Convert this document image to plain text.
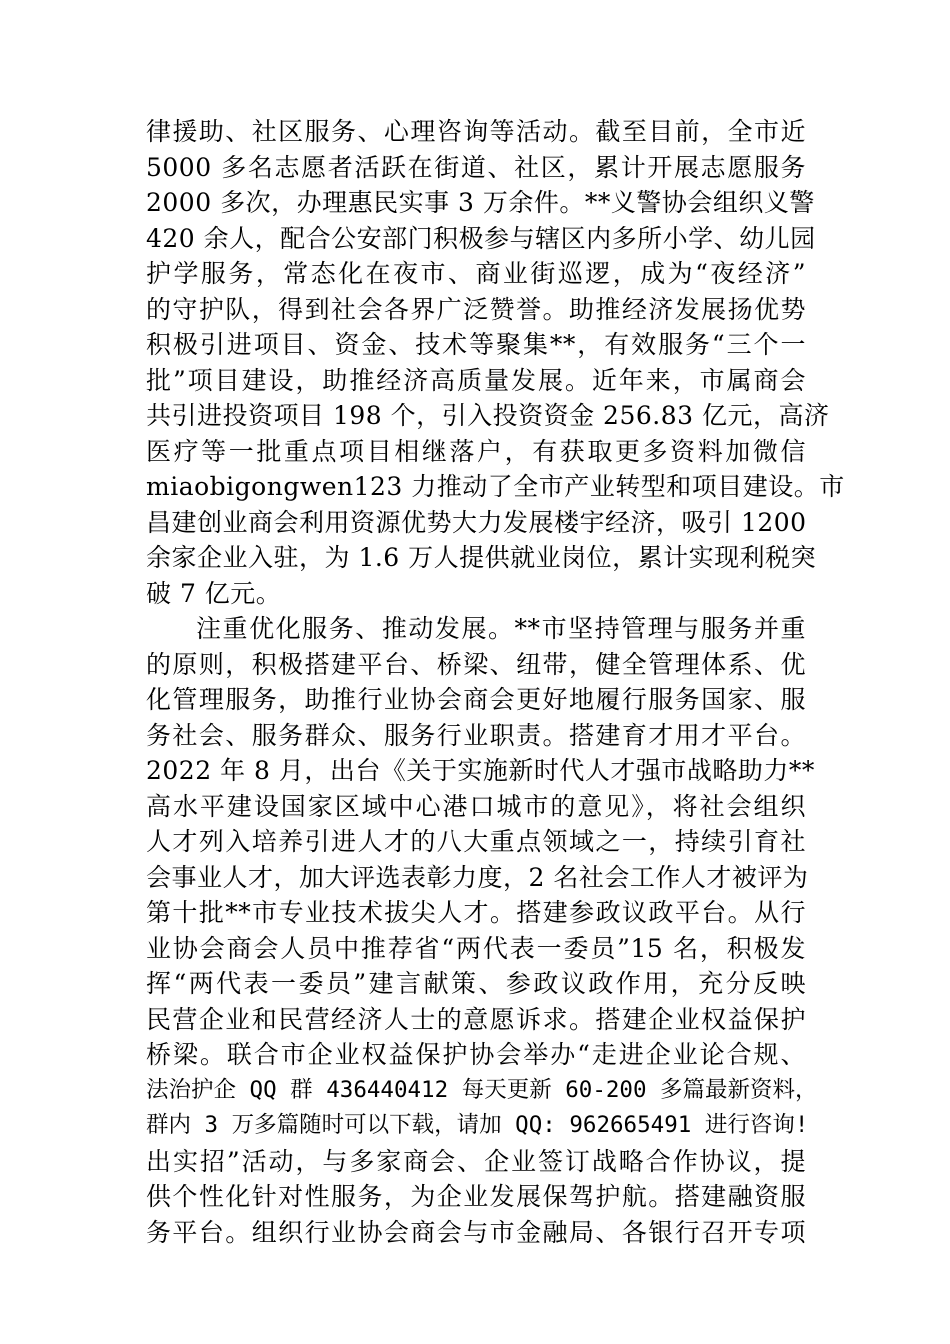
律援助、社区服务、心理咨询等活动。截至目前，全市近
5000 多名志愿者活跃在街道、社区，累计开展志愿服务
2000 多次，办理惠民实事 3 万余件。**义警协会组织义警
420 余人，配合公安部门积极参与辖区内多所小学、幼儿园
护学服务，常态化在夜市、商业街巡逻，成为“夜经济”
的守护队，得到社会各界广泛赞誉。助推经济发展扬优势
积极引进项目、资金、技术等聚集**，有效服务“三个一
批”项目建设，助推经济高质量发展。近年来，市属商会
共引进投资项目 198 个，引入投资资金 256.83 亿元，高济
医疗等一批重点项目相继落户，有获取更多资料加微信
miaobigongwen123 力推动了全市产业转型和项目建设。市
昌建创业商会利用资源优势大力发展楼宇经济，吸引 1200
余家企业入驻，为 1.6 万人提供就业岗位，累计实现利税突
破 7 亿元。
注重优化服务、推动发展。**市坚持管理与服务并重
的原则，积极搭建平台、桥梁、纽带，健全管理体系、优
化管理服务，助推行业协会商会更好地履行服务国家、服
务社会、服务群众、服务行业职责。搭建育才用才平台。
2022 年 8 月，出台《关于实施新时代人才强市战略助力**
高水平建设国家区域中心港口城市的意见》，将社会组织
人才列入培养引进人才的八大重点领域之一，持续引育社
会事业人才，加大评选表彰力度，2 名社会工作人才被评为
第十批**市专业技术拔尖人才。搭建参政议政平台。从行
业协会商会人员中推荐省“两代表一委员”15 名，积极发
挥“两代表一委员”建言献策、参政议政作用，充分反映
民营企业和民营经济人士的意愿诉求。搭建企业权益保护
桥梁。联合市企业权益保护协会举办“走进企业论合规、
法治护企 QQ 群 436440412 每天更新 60-200 多篇最新资料，
群内 3 万多篇随时可以下载，请加 QQ: 962665491 进行咨询!
出实招”活动，与多家商会、企业签订战略合作协议，提
供个性化针对性服务，为企业发展保驾护航。搭建融资服
务平台。组织行业协会商会与市金融局、各银行召开专项
